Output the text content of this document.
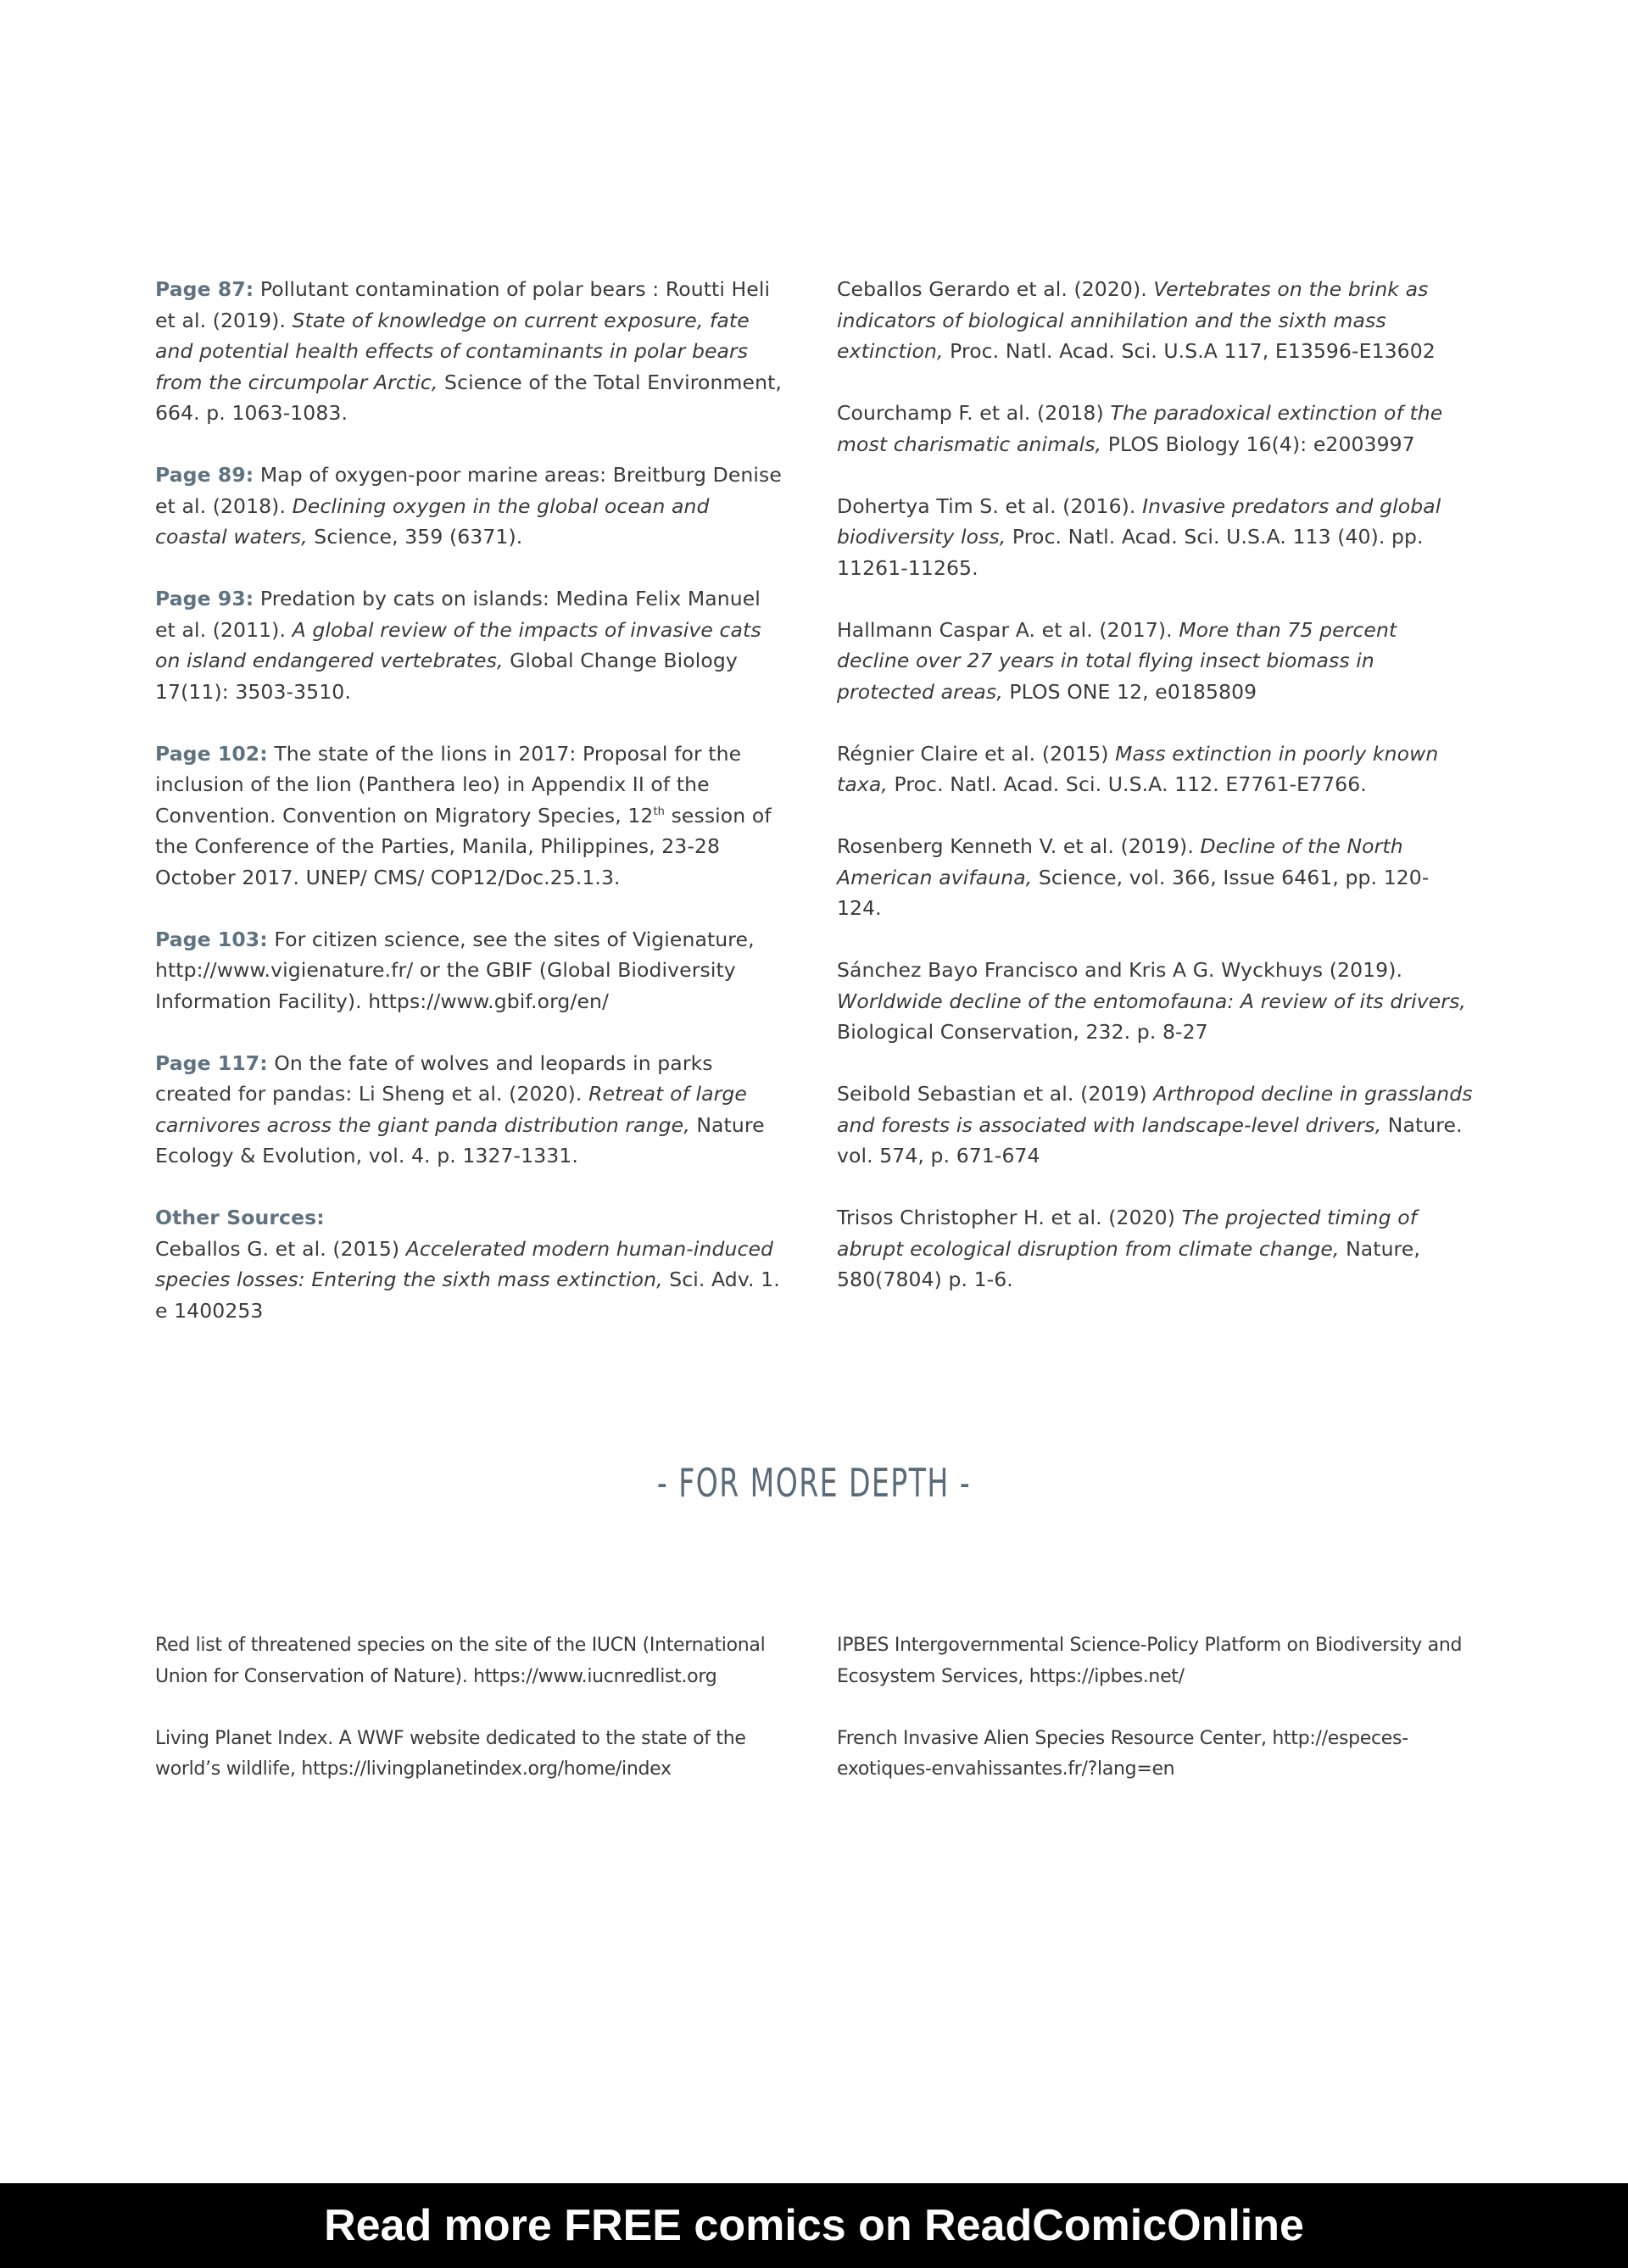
Page 87: Pollutant contamination of polar bears : Routti Heli et al. (2019). State of knowledge on current exposure, fate and potential health effects of contaminants in polar bears from the circumpolar Arctic, Science of the Total Environment, 664. p. 1063-1083.

Page 89: Map of oxygen-poor marine areas: Breitburg Denise et al. (2018). Declining oxygen in the global ocean and coastal waters, Science, 359 (6371).

Page 93: Predation by cats on islands: Medina Felix Manuel et al. (2011). A global review of the impacts of invasive cats on island endangered vertebrates, Global Change Biology 17(11): 3503-3510.

Page 102: The state of the lions in 2017: Proposal for the inclusion of the lion (Panthera leo) in Appendix II of the Convention. Convention on Migratory Species, 12th session of the Conference of the Parties, Manila, Philippines, 23-28 October 2017. UNEP/ CMS/ COP12/Doc.25.1.3.

Page 103: For citizen science, see the sites of Vigienature, http://www.vigienature.fr/ or the GBIF (Global Biodiversity Information Facility). https://www.gbif.org/en/

Page 117: On the fate of wolves and leopards in parks created for pandas: Li Sheng et al. (2020). Retreat of large carnivores across the giant panda distribution range, Nature Ecology & Evolution, vol. 4. p. 1327-1331.

Other Sources:
Ceballos G. et al. (2015) Accelerated modern human-induced species losses: Entering the sixth mass extinction, Sci. Adv. 1. e 1400253

Ceballos Gerardo et al. (2020). Vertebrates on the brink as indicators of biological annihilation and the sixth mass extinction, Proc. Natl. Acad. Sci. U.S.A 117, E13596-E13602

Courchamp F. et al. (2018) The paradoxical extinction of the most charismatic animals, PLOS Biology 16(4): e2003997

Dohertya Tim S. et al. (2016). Invasive predators and global biodiversity loss, Proc. Natl. Acad. Sci. U.S.A. 113 (40). pp. 11261-11265.

Hallmann Caspar A. et al. (2017). More than 75 percent decline over 27 years in total flying insect biomass in protected areas, PLOS ONE 12, e0185809

Régnier Claire et al. (2015) Mass extinction in poorly known taxa, Proc. Natl. Acad. Sci. U.S.A. 112. E7761-E7766.

Rosenberg Kenneth V. et al. (2019). Decline of the North American avifauna, Science, vol. 366, Issue 6461, pp. 120-124.

Sánchez Bayo Francisco and Kris A G. Wyckhuys (2019). Worldwide decline of the entomofauna: A review of its drivers, Biological Conservation, 232. p. 8-27

Seibold Sebastian et al. (2019) Arthropod decline in grasslands and forests is associated with landscape-level drivers, Nature. vol. 574, p. 671-674

Trisos Christopher H. et al. (2020) The projected timing of abrupt ecological disruption from climate change, Nature, 580(7804) p. 1-6.

- FOR MORE DEPTH -

Red list of threatened species on the site of the IUCN (International Union for Conservation of Nature). https://www.iucnredlist.org

Living Planet Index. A WWF website dedicated to the state of the world’s wildlife, https://livingplanetindex.org/home/index

IPBES Intergovernmental Science-Policy Platform on Biodiversity and Ecosystem Services, https://ipbes.net/

French Invasive Alien Species Resource Center, http://especes-exotiques-envahissantes.fr/?lang=en

Read more FREE comics on ReadComicOnline
